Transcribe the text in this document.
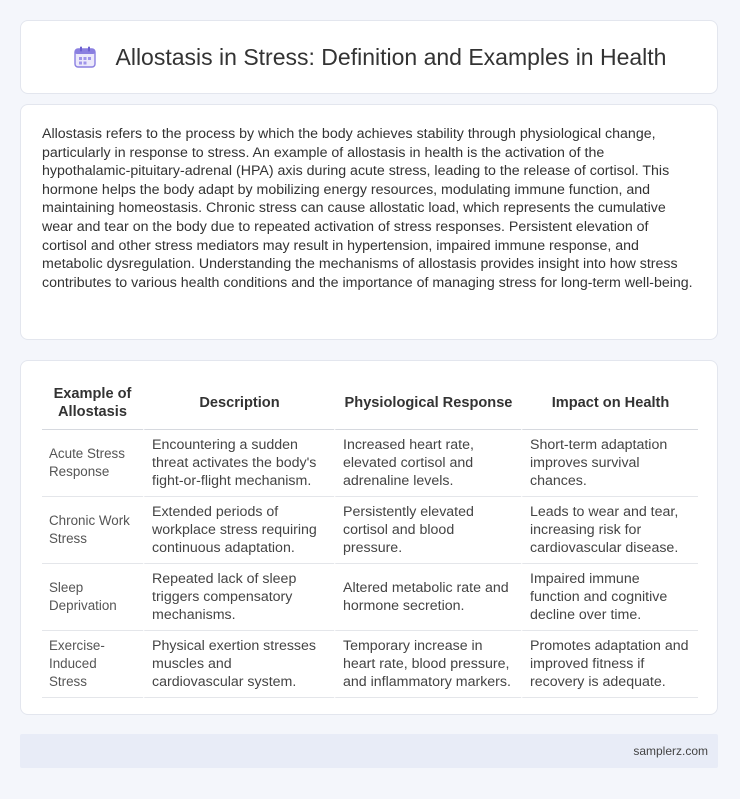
Allostasis in Stress: Definition and Examples in Health

Allostasis refers to the process by which the body achieves stability through physiological change, particularly in response to stress. An example of allostasis in health is the activation of the hypothalamic-pituitary-adrenal (HPA) axis during acute stress, leading to the release of cortisol. This hormone helps the body adapt by mobilizing energy resources, modulating immune function, and maintaining homeostasis. Chronic stress can cause allostatic load, which represents the cumulative wear and tear on the body due to repeated activation of stress responses. Persistent elevation of cortisol and other stress mediators may result in hypertension, impaired immune response, and metabolic dysregulation. Understanding the mechanisms of allostasis provides insight into how stress contributes to various health conditions and the importance of managing stress for long-term well-being.

Example of Allostasis	Description	Physiological Response	Impact on Health
Acute Stress Response	Encountering a sudden threat activates the body's fight-or-flight mechanism.	Increased heart rate, elevated cortisol and adrenaline levels.	Short-term adaptation improves survival chances.
Chronic Work Stress	Extended periods of workplace stress requiring continuous adaptation.	Persistently elevated cortisol and blood pressure.	Leads to wear and tear, increasing risk for cardiovascular disease.
Sleep Deprivation	Repeated lack of sleep triggers compensatory mechanisms.	Altered metabolic rate and hormone secretion.	Impaired immune function and cognitive decline over time.
Exercise-Induced Stress	Physical exertion stresses muscles and cardiovascular system.	Temporary increase in heart rate, blood pressure, and inflammatory markers.	Promotes adaptation and improved fitness if recovery is adequate.
samplerz.com
